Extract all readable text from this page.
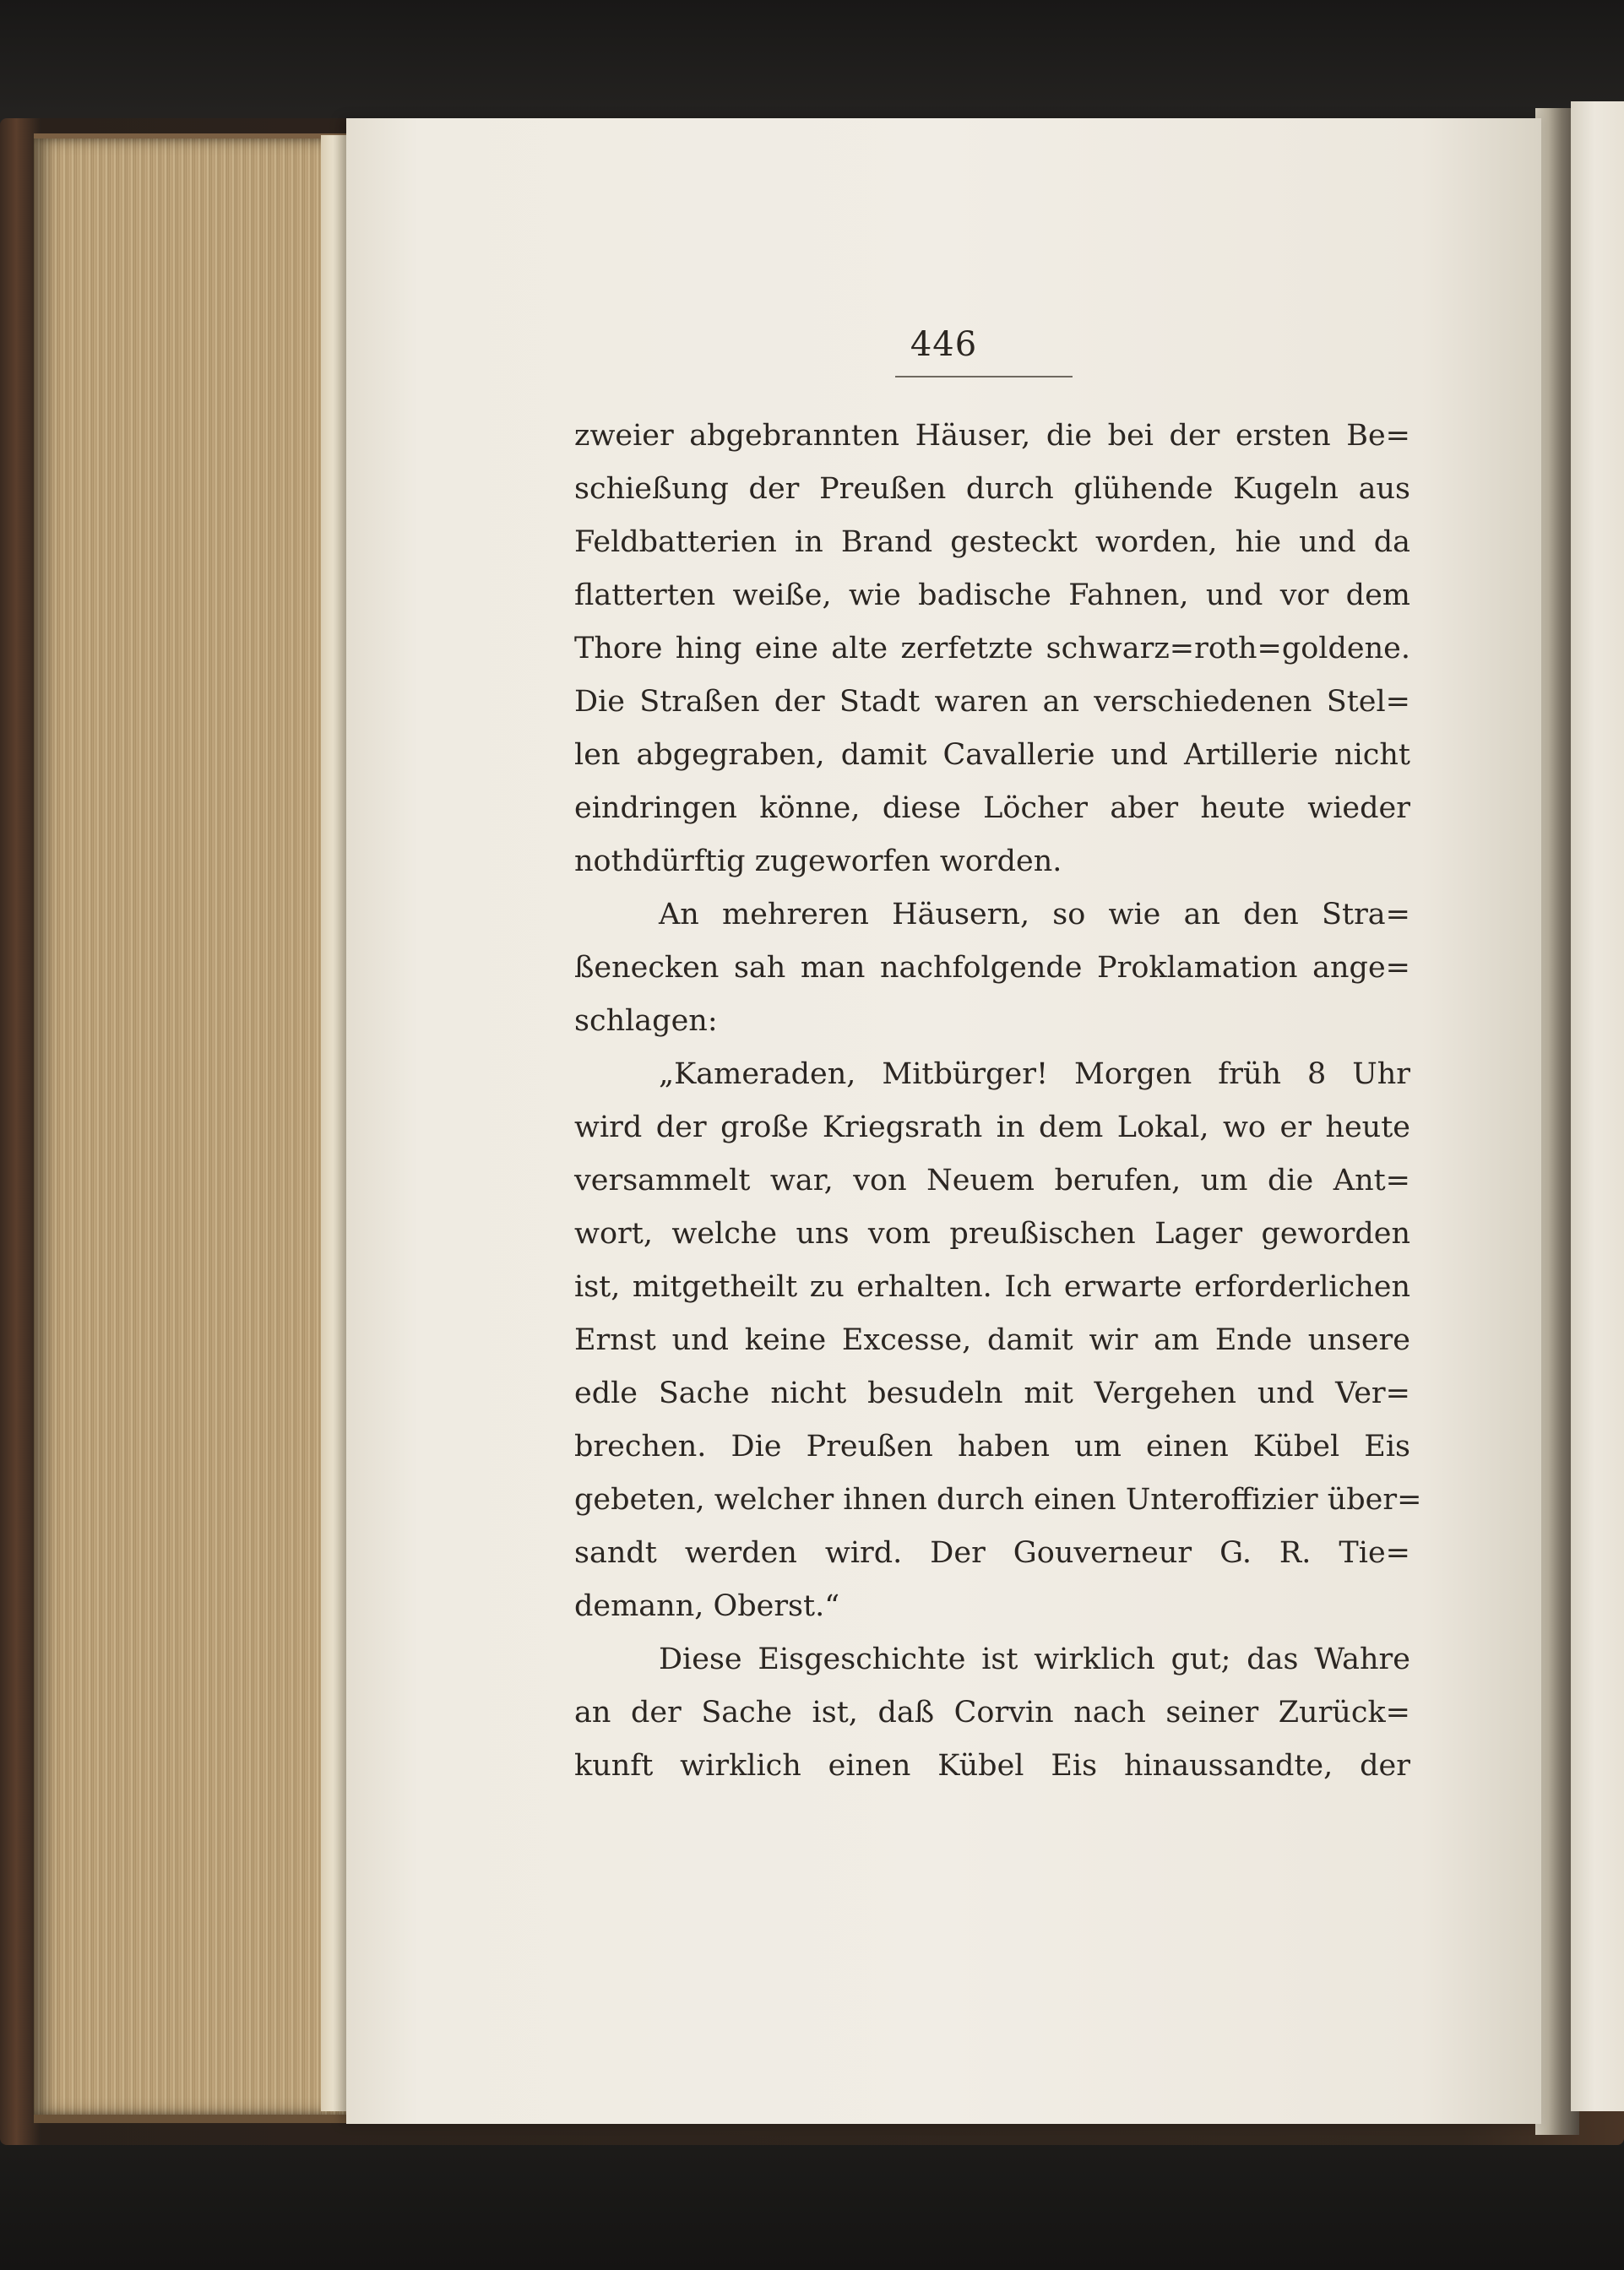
446
zweier abgebrannten Häuser, die bei der ersten Be=
schießung der Preußen durch glühende Kugeln aus
Feldbatterien in Brand gesteckt worden, hie und da
flatterten weiße, wie badische Fahnen, und vor dem
Thore hing eine alte zerfetzte schwarz=roth=goldene.
Die Straßen der Stadt waren an verschiedenen Stel=
len abgegraben, damit Cavallerie und Artillerie nicht
eindringen könne, diese Löcher aber heute wieder
nothdürftig zugeworfen worden.
An mehreren Häusern, so wie an den Stra=
ßenecken sah man nachfolgende Proklamation ange=
schlagen:
„Kameraden, Mitbürger! Morgen früh 8 Uhr
wird der große Kriegsrath in dem Lokal, wo er heute
versammelt war, von Neuem berufen, um die Ant=
wort, welche uns vom preußischen Lager geworden
ist, mitgetheilt zu erhalten. Ich erwarte erforderlichen
Ernst und keine Excesse, damit wir am Ende unsere
edle Sache nicht besudeln mit Vergehen und Ver=
brechen. Die Preußen haben um einen Kübel Eis
gebeten, welcher ihnen durch einen Unteroffizier über=
sandt werden wird. Der Gouverneur G. R. Tie=
demann, Oberst.“
Diese Eisgeschichte ist wirklich gut; das Wahre
an der Sache ist, daß Corvin nach seiner Zurück=
kunft wirklich einen Kübel Eis hinaussandte, der
